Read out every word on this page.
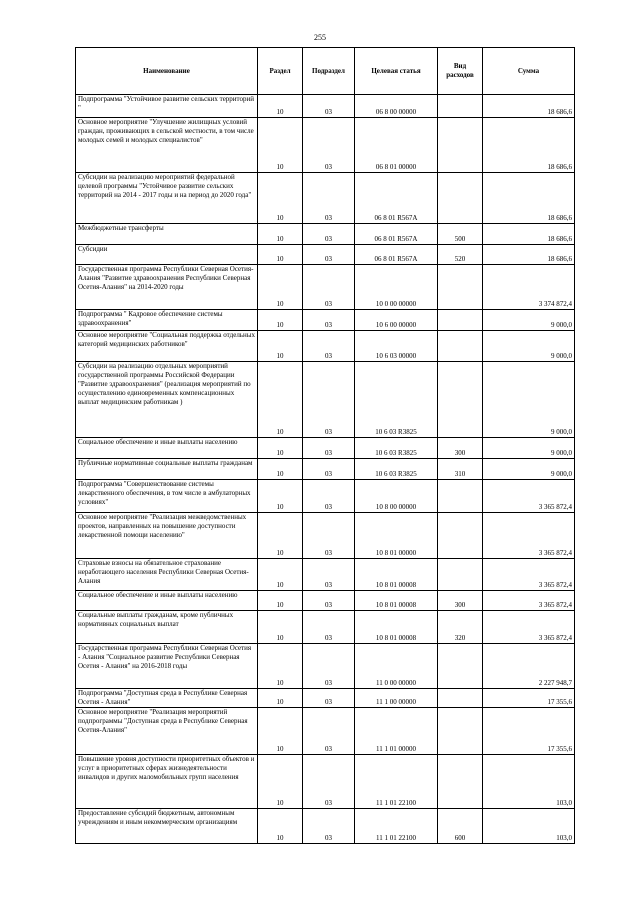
255
Наименование	Раздел	Подраздел	Целевая статья	Вид расходов	Сумма
Подпрограмма "Устойчивое развитие сельских территорий "	10	03	06 8 00 00000		18 686,6
Основное мероприятие "Улучшение жилищных условий граждан, проживающих в сельской местности, в том числе молодых семей и молодых специалистов"	10	03	06 8 01 00000		18 686,6
Субсидии на реализацию мероприятий федеральной целевой программы "Устойчивое развитие сельских территорий на 2014 - 2017 годы и на период до 2020 года"	10	03	06 8 01 R567А		18 686,6
Межбюджетные трансферты	10	03	06 8 01 R567А	500	18 686,6
Субсидии	10	03	06 8 01 R567А	520	18 686,6
Государственная программа Республики Северная Осетия-Алания "Развитие здравоохранения Республики Северная Осетия-Алания" на 2014-2020 годы	10	03	10 0 00 00000		3 374 872,4
Подпрограмма " Кадровое обеспечение системы здравоохранения"	10	03	10 6 00 00000		9 000,0
Основное мероприятие "Социальная поддержка отдельных категорий медицинских работников"	10	03	10 6 03 00000		9 000,0
Субсидии на реализацию отдельных мероприятий государственной программы Российской Федерации "Развитие здравоохранения" (реализация мероприятий по осуществлению единовременных компенсационных выплат медицинским работникам )	10	03	10 6 03 R3825		9 000,0
Социальное обеспечение и иные выплаты населению	10	03	10 6 03 R3825	300	9 000,0
Публичные нормативные социальные выплаты гражданам	10	03	10 6 03 R3825	310	9 000,0
Подпрограмма "Совершенствование системы лекарственного обеспечения, в том числе в амбулаторных условиях"	10	03	10 8 00 00000		3 365 872,4
Основное мероприятие "Реализация межведомственных проектов, направленных на повышение доступности лекарственной помощи населению"	10	03	10 8 01 00000		3 365 872,4
Страховые взносы на обязательное страхование неработающего населения Республики Северная Осетия-Алания	10	03	10 8 01 00008		3 365 872,4
Социальное обеспечение и иные выплаты населению	10	03	10 8 01 00008	300	3 365 872,4
Социальные выплаты гражданам, кроме публичных нормативных социальных выплат	10	03	10 8 01 00008	320	3 365 872,4
Государственная программа Республики Северная Осетия - Алания "Социальное развитие Республики Северная Осетия - Алания" на 2016-2018 годы	10	03	11 0 00 00000		2 227 948,7
Подпрограмма "Доступная среда в Республике Северная Осетия - Алания"	10	03	11 1 00 00000		17 355,6
Основное мероприятие "Реализация мероприятий подпрограммы "Доступная среда в Республике Северная Осетия-Алания"	10	03	11 1 01 00000		17 355,6
Повышение уровня доступности приоритетных объектов и услуг в приоритетных сферах жизнедеятельности инвалидов и других маломобильных групп населения	10	03	11 1 01 22100		103,0
Предоставление субсидий бюджетным, автономным учреждениям и иным некоммерческим организациям	10	03	11 1 01 22100	600	103,0
